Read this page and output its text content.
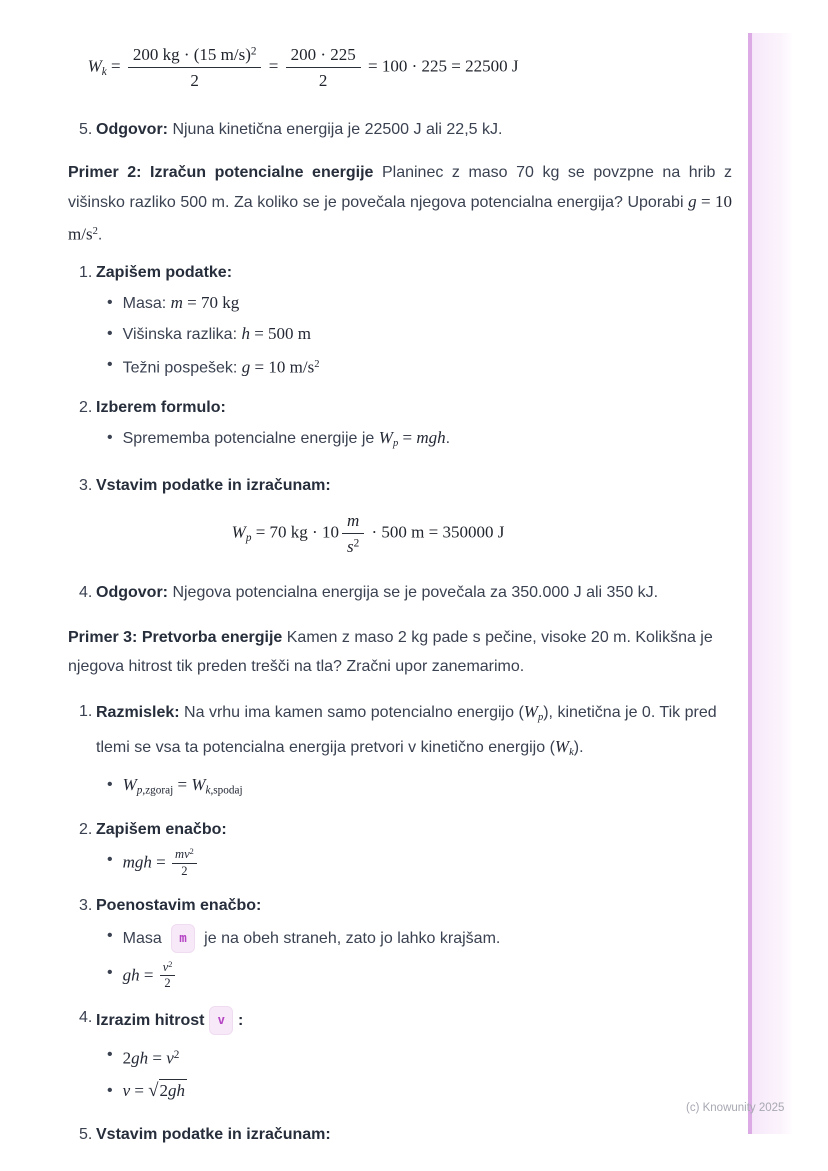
$Wk = \frac{200 kg \cdot (15 m/s)^2}{2} = \frac{200 \cdot 225}{2} = 100 \cdot 225 = 22500$ J
5. Odgovor: Njuna kinetična energija je 22500 J ali 22,5 kJ.
Primer 2: Izračun potencialne energije Planinec z maso 70 kg se povzpne na hrib z višinsko razliko 500 m. Za koliko se je povečala njegova potencialna energija? Uporabi g = 10 $m/s^2$.
1. Zapišem podatke:
• Masa: m = 70 kg
• Višinska razlika: h = 500 m
• Težni pospešek: g = 10 $m/s^2$
2. Izberem formulo:
• Sprememba potencialne energije je Wp = mgh.
3. Vstavim podatke in izračunam:
Wp = 70 kg · $10 \frac{m}{s^2} \cdot 500$ m = 350000 J
4. Odgovor: Njegova potencialna energija se je povečala za 350.000 J ali 350 kJ.
Primer 3: Pretvorba energije Kamen z maso 2 kg pade s pečine, visoke 20 m. Kolikšna je njegova hitrost tik preden trešči na tla? Zračni upor zanemarimo.
1. Razmislek: Na vrhu ima kamen samo potencialno energijo (Wp), kinetična je 0. Tik pred tlemi se vsa ta potencialna energija pretvori v kinetično energijo (Wk).
• Wp,zgoraj = Wk,spodaj
2. Zapišem enačbo:
• mgh = $\frac{mv^2}{2}$
3. Poenostavim enačbo:
• Masa m je na obeh straneh, zato jo lahko krajšam.
• gh = $\frac{v^2}{2}$
4. Izrazim hitrost v :
• $2gh = v^2$
• v = √2gh
5. Vstavim podatke in izračunam:
(c) Knowunity 2025
